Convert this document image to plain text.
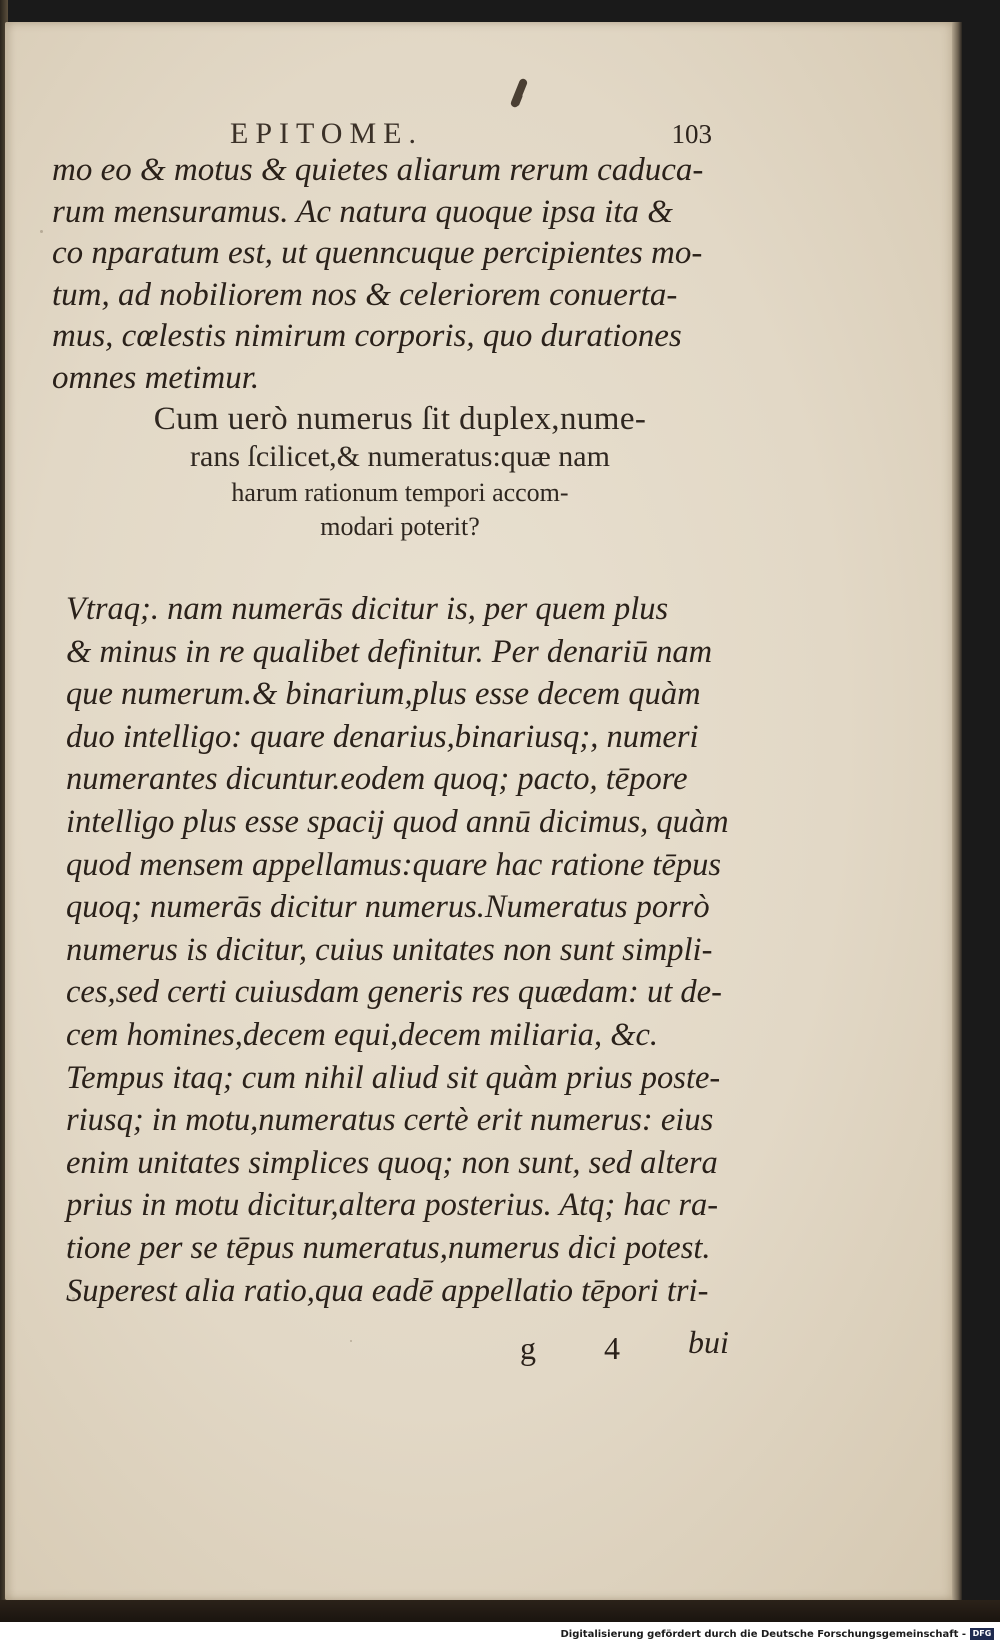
EPITOME.	103
mo eo & motus & quietes aliarum rerum caduca-
rum mensuramus. Ac natura quoque ipsa ita &
co nparatum est, ut quenncuque percipientes mo-
tum, ad nobiliorem nos & celeriorem conuerta-
mus, cœlestis nimirum corporis, quo durationes
omnes metimur.
Cum uerò numerus ſit duplex,nume-
rans ſcilicet,& numeratus:quæ nam
harum rationum tempori accom-
modari poterit?
Vtraq;. nam numerās dicitur is, per quem plus
& minus in re qualibet definitur. Per denariū nam
que numerum.& binarium,plus esse decem quàm
duo intelligo: quare denarius,binariusq;, numeri
numerantes dicuntur.eodem quoq; pacto, tēpore
intelligo plus esse spacij quod annū dicimus, quàm
quod mensem appellamus:quare hac ratione tēpus
quoq; numerās dicitur numerus.Numeratus porrò
numerus is dicitur, cuius unitates non sunt simpli-
ces,sed certi cuiusdam generis res quædam: ut de-
cem homines,decem equi,decem miliaria, &c.
Tempus itaq; cum nihil aliud sit quàm prius poste-
riusq; in motu,numeratus certè erit numerus: eius
enim unitates simplices quoq; non sunt, sed altera
prius in motu dicitur,altera posterius. Atq; hac ra-
tione per se tēpus numeratus,numerus dici potest.
Superest alia ratio,qua eadē appellatio tēpori tri-
g 4 bui
Digitalisierung gefördert durch die Deutsche Forschungsgemeinschaft - DFG
